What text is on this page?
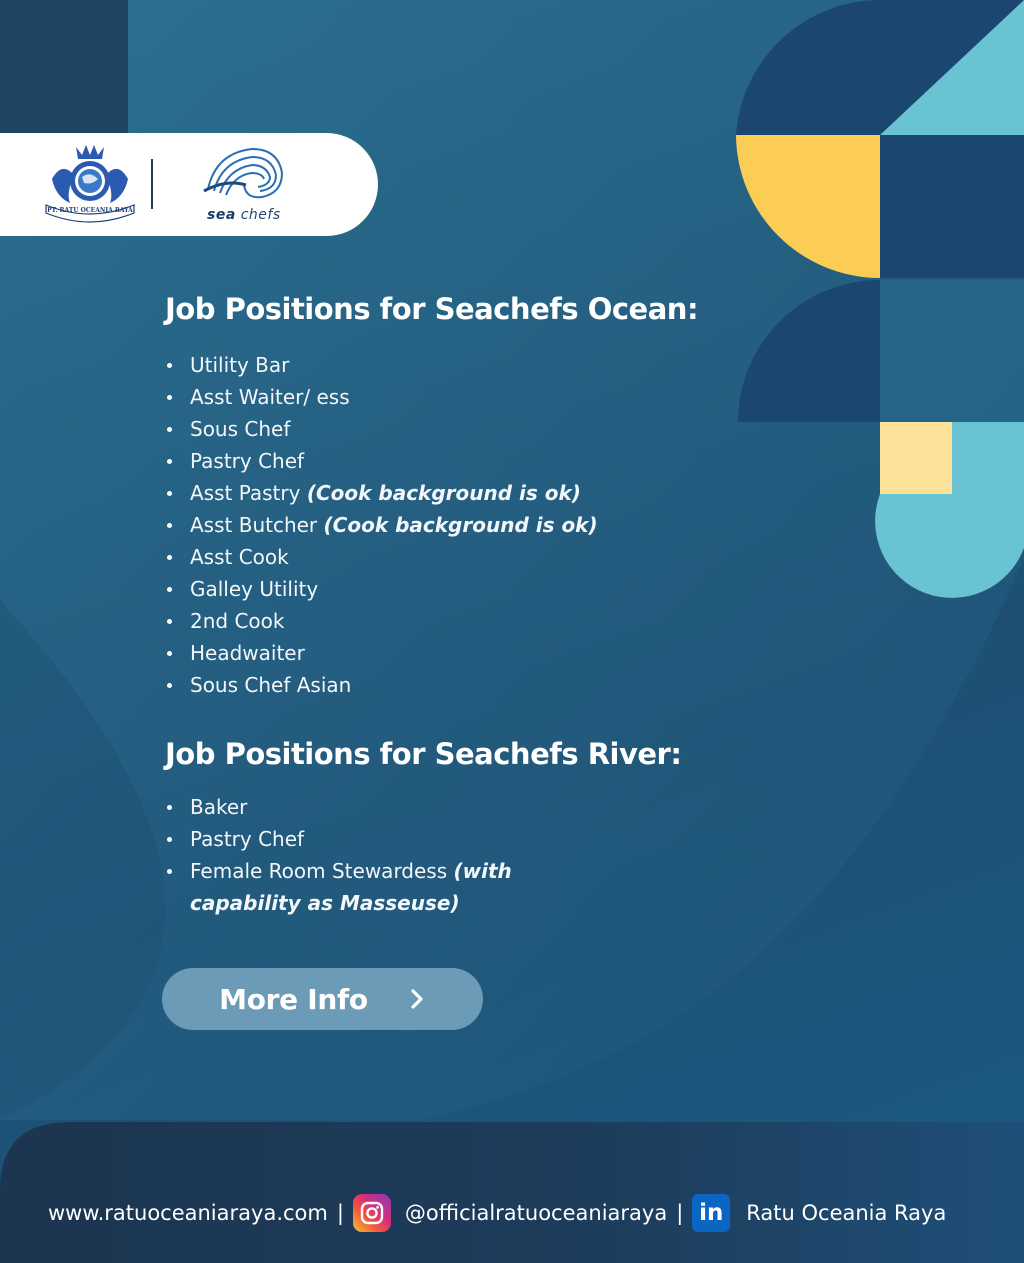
PT. RATU OCEANIA RAYA	sea chefs
Job Positions for Seachefs Ocean:
Utility Bar
Asst Waiter/ ess
Sous Chef
Pastry Chef
Asst Pastry (Cook background is ok)
Asst Butcher (Cook background is ok)
Asst Cook
Galley Utility
2nd Cook
Headwaiter
Sous Chef Asian
Job Positions for Seachefs River:
Baker
Pastry Chef
Female Room Stewardess (with capability as Masseuse)
More Info
www.ratuoceaniaraya.com |	@officialratuoceaniaraya | in	Ratu Oceania Raya
